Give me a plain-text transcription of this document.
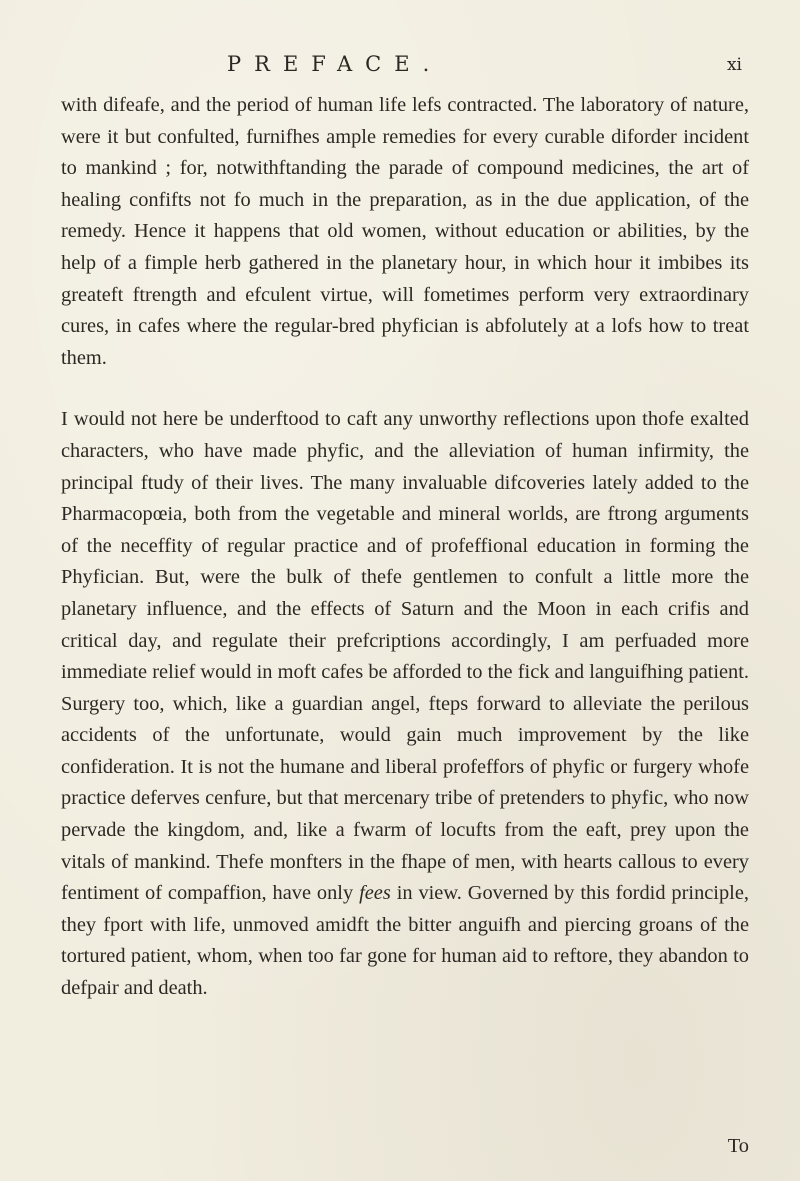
PREFACE.	xi

with difeafe, and the period of human life lefs contracted. The laboratory of nature, were it but confulted, furnifhes ample remedies for every curable diforder incident to mankind ; for, notwithftanding the parade of compound medicines, the art of healing confifts not fo much in the preparation, as in the due application, of the remedy. Hence it happens that old women, without education or abilities, by the help of a fimple herb gathered in the planetary hour, in which hour it imbibes its greateft ftrength and efculent virtue, will fometimes perform very extraordinary cures, in cafes where the regular-bred phyfician is abfolutely at a lofs how to treat them.

I would not here be underftood to caft any unworthy reflections upon thofe exalted characters, who have made phyfic, and the alleviation of human infirmity, the principal ftudy of their lives. The many invaluable difcoveries lately added to the Pharmacopœia, both from the vegetable and mineral worlds, are ftrong arguments of the neceffity of regular practice and of profeffional education in forming the Phyfician. But, were the bulk of thefe gentlemen to confult a little more the planetary influence, and the effects of Saturn and the Moon in each crifis and critical day, and regulate their prefcriptions accordingly, I am perfuaded more immediate relief would in moft cafes be afforded to the fick and languifhing patient. Surgery too, which, like a guardian angel, fteps forward to alleviate the perilous accidents of the unfortunate, would gain much improvement by the like confideration. It is not the humane and liberal profeffors of phyfic or furgery whofe practice deferves cenfure, but that mercenary tribe of pretenders to phyfic, who now pervade the kingdom, and, like a fwarm of locufts from the eaft, prey upon the vitals of mankind. Thefe monfters in the fhape of men, with hearts callous to every fentiment of compaffion, have only fees in view. Governed by this fordid principle, they fport with life, unmoved amidft the bitter anguifh and piercing groans of the tortured patient, whom, when too far gone for human aid to reftore, they abandon to defpair and death.

To
